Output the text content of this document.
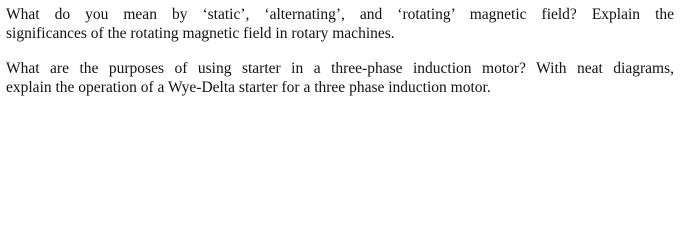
What do you mean by ‘static’, ‘alternating’, and ‘rotating’ magnetic field? Explain the
significances of the rotating magnetic field in rotary machines.

What are the purposes of using starter in a three-phase induction motor? With neat diagrams,
explain the operation of a Wye-Delta starter for a three phase induction motor.
